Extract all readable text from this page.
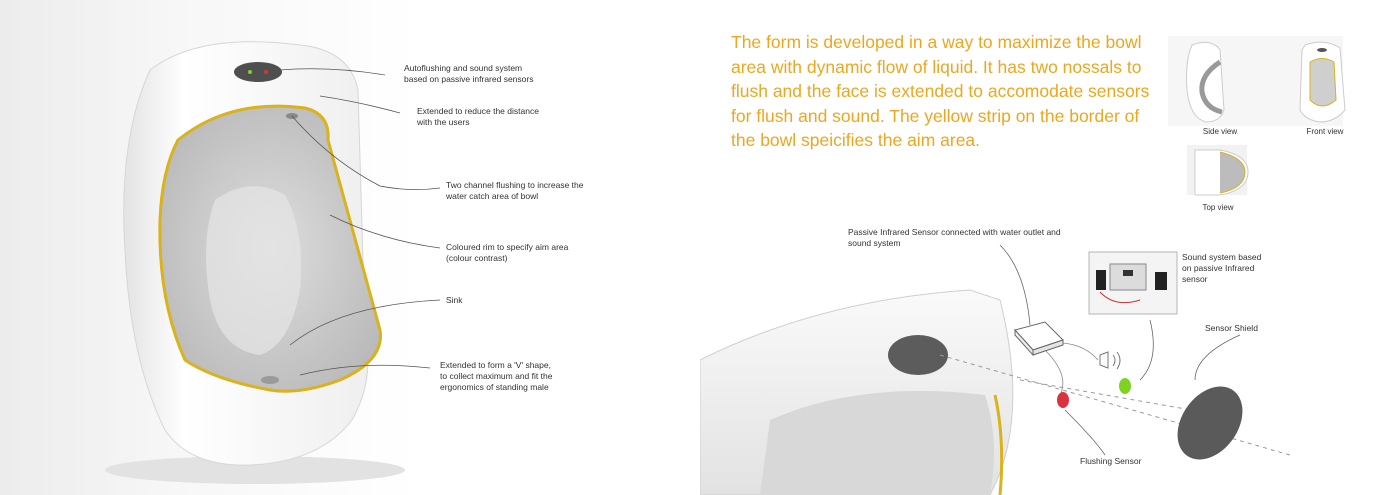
Autoflushing and sound system
based on passive infrared sensors
Extended to reduce the distance
with the users
Two channel flushing to increase the
water catch area of bowl
Coloured rim to specify aim area
(colour contrast)
Sink
Extended to form a 'V' shape,
to collect maximum and fit the
ergonomics of standing male
Passive Infrared Sensor connected with water outlet and
sound system
Sound system based
on passive Infrared
sensor
Sensor Shield
Flushing Sensor
Side view	Front view
Top view
The form is developed in a way to maximize the bowl area with dynamic flow of liquid. It has two nossals to flush and the face is extended to accomodate sensors for flush and sound. The yellow strip on the border of the bowl speicifies the aim area.
